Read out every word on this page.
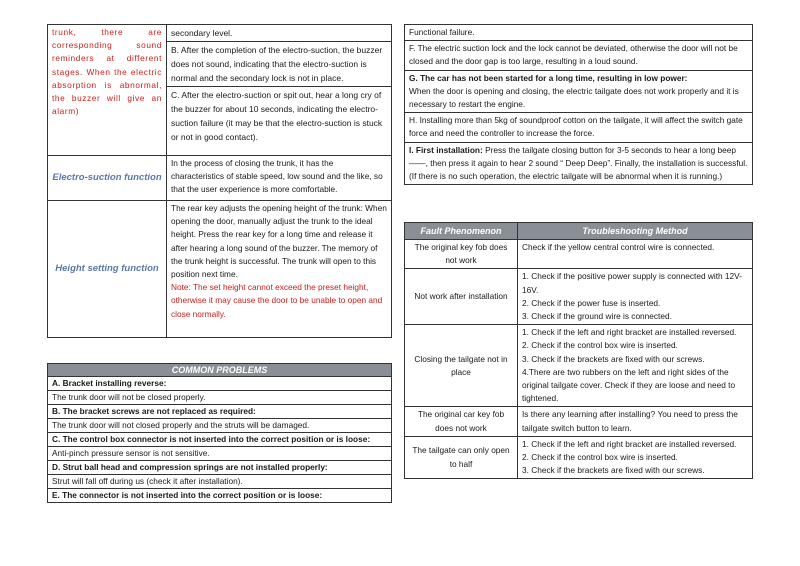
trunk, there are corresponding sound reminders at different stages. When the electric absorption is abnormal, the buzzer will give an alarm)	secondary level.
B. After the completion of the electro-suction, the buzzer does not sound, indicating that the electro-suction is normal and the secondary lock is not in place.
C. After the electro-suction or spit out, hear a long cry of the buzzer for about 10 seconds, indicating the electro-suction failure (it may be that the electro-suction is stuck or not in good contact).

Electro-suction function	In the process of closing the trunk, it has the characteristics of stable speed, low sound and the like, so that the user experience is more comfortable.
Height setting function	The rear key adjusts the opening height of the trunk: When opening the door, manually adjust the trunk to the ideal height. Press the rear key for a long time and release it after hearing a long sound of the buzzer. The memory of the trunk height is successful. The trunk will open to this position next time.
Note: The set height cannot exceed the preset height, otherwise it may cause the door to be unable to open and close normally.
COMMON PROBLEMS
A. Bracket installing reverse:
The trunk door will not be closed properly.
B. The bracket screws are not replaced as required:
The trunk door will not closed properly and the struts will be damaged.
C. The control box connector is not inserted into the correct position or is loose:
Anti-pinch pressure sensor is not sensitive.
D. Strut ball head and compression springs are not installed properly:
Strut will fall off during us (check it after installation).
E. The connector is not inserted into the correct position or is loose:
Functional failure.
F. The electric suction lock and the lock cannot be deviated, otherwise the door will not be closed and the door gap is too large, resulting in a loud sound.
G. The car has not been started for a long time, resulting in low power:
When the door is opening and closing, the electric tailgate does not work properly and it is necessary to restart the engine.
H. Installing more than 5kg of soundproof cotton on the tailgate, it will affect the switch gate force and need the controller to increase the force.
I. First installation: Press the tailgate closing button for 3-5 seconds to hear a long beep——, then press it again to hear 2 sound “ Deep Deep”. Finally, the installation is successful. (If there is no such operation, the electric tailgate will be abnormal when it is running.)
Fault Phenomenon	Troubleshooting Method
The original key fob does not work	Check if the yellow central control wire is connected.

Not work after installation	1. Check if the positive power supply is connected with 12V-16V.
2. Check if the power fuse is inserted.
3. Check if the ground wire is connected.

Closing the tailgate not in place	1. Check if the left and right bracket are installed reversed.
2. Check if the control box wire is inserted.
3. Check if the brackets are fixed with our screws.
4.There are two rubbers on the left and right sides of the original tailgate cover. Check if they are loose and need to tightened.

The original car key fob does not work	Is there any learning after installing? You need to press the tailgate switch button to learn.

The tailgate can only open to half	1. Check if the left and right bracket are installed reversed.
2. Check if the control box wire is inserted.
3. Check if the brackets are fixed with our screws.
